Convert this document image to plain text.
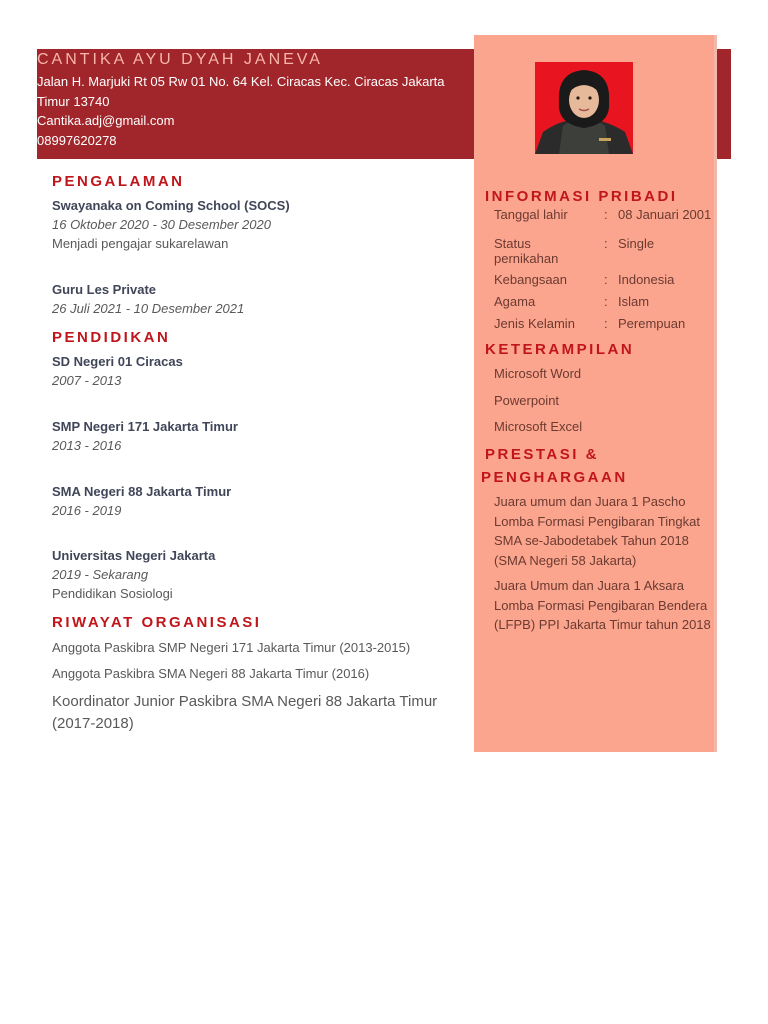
CANTIKA AYU DYAH JANEVA
Jalan H. Marjuki Rt 05 Rw 01 No. 64 Kel. Ciracas Kec. Ciracas Jakarta Timur 13740
Cantika.adj@gmail.com
08997620278
PENGALAMAN
Swayanaka on Coming School (SOCS)
16 Oktober 2020 - 30 Desember 2020
Menjadi pengajar sukarelawan
Guru Les Private
26 Juli 2021 - 10 Desember 2021
PENDIDIKAN
SD Negeri 01 Ciracas
2007 - 2013
SMP Negeri 171 Jakarta Timur
2013 - 2016
SMA Negeri 88 Jakarta Timur
2016 - 2019
Universitas Negeri Jakarta
2019 - Sekarang
Pendidikan Sosiologi
RIWAYAT ORGANISASI
Anggota Paskibra SMP Negeri 171 Jakarta Timur (2013-2015)
Anggota Paskibra SMA Negeri 88 Jakarta Timur (2016)
Koordinator Junior Paskibra SMA Negeri 88 Jakarta Timur (2017-2018)
INFORMASI PRIBADI
Tanggal lahir	: 08 Januari 2001
Status pernikahan
: Single
Kebangsaan	: Indonesia
Agama	: Islam
Jenis Kelamin	: Perempuan
KETERAMPILAN
Microsoft Word
Powerpoint
Microsoft Excel
PRESTASI &
PENGHARGAAN
Juara umum dan Juara 1 Pascho Lomba Formasi Pengibaran Tingkat SMA se-Jabodetabek Tahun 2018 (SMA Negeri 58 Jakarta)
Juara Umum dan Juara 1 Aksara Lomba Formasi Pengibaran Bendera (LFPB) PPI Jakarta Timur tahun 2018
